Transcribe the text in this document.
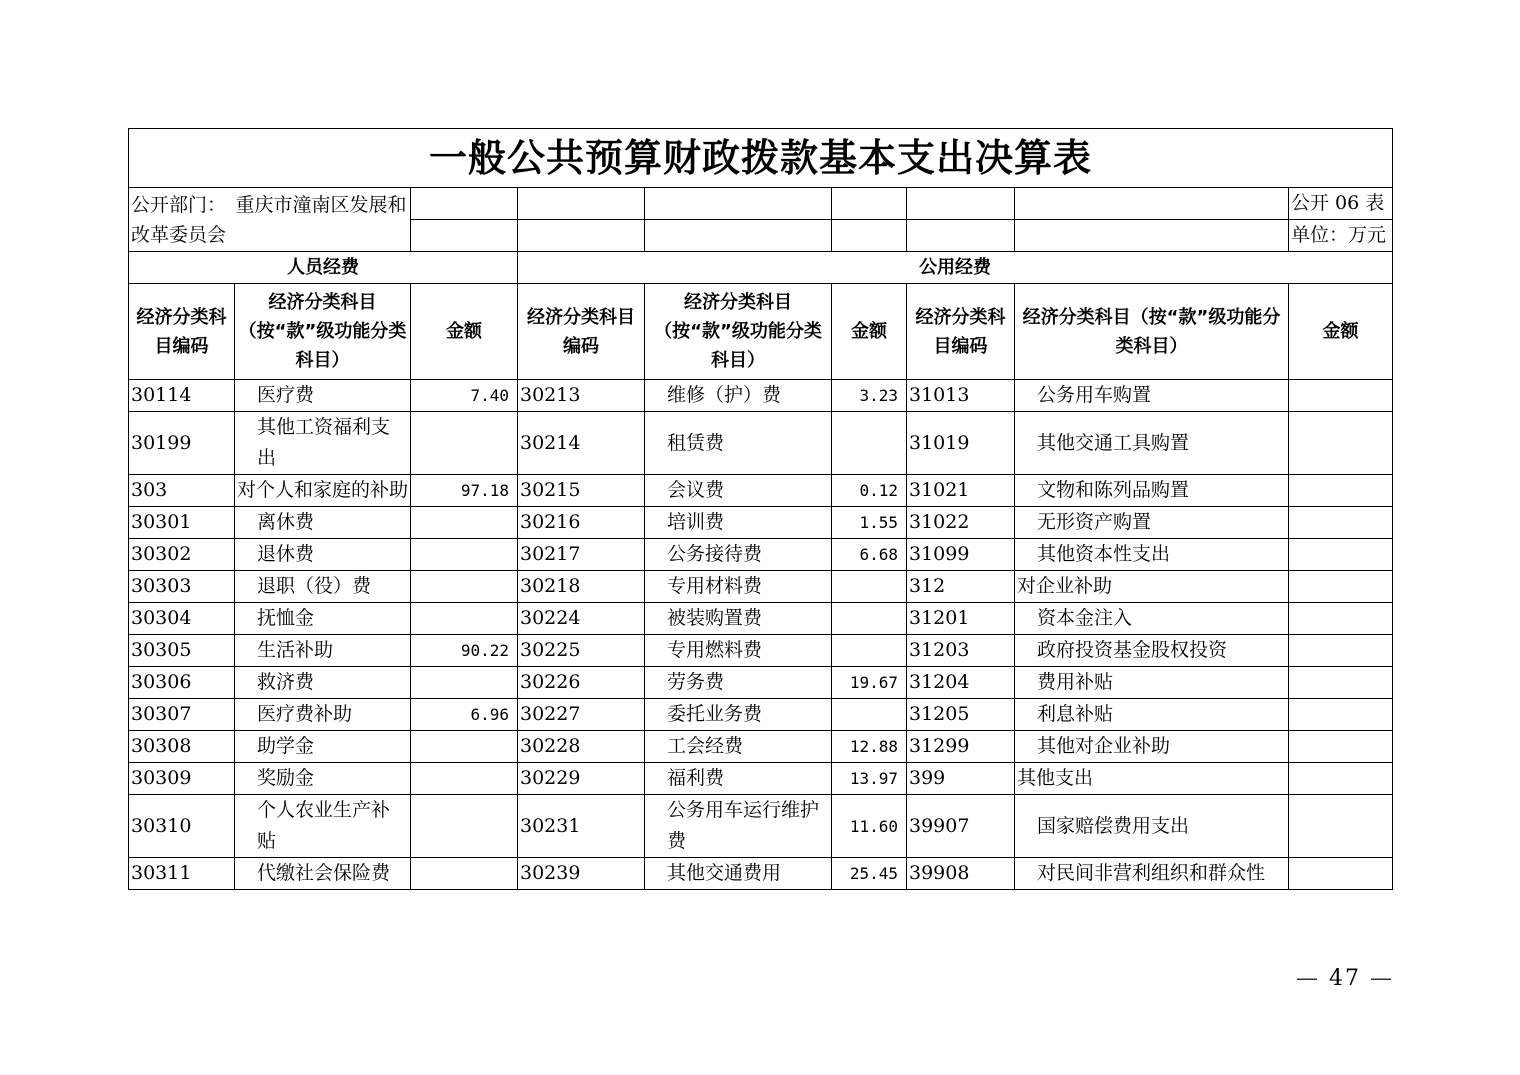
一般公共预算财政拨款基本支出决算表								
公开部门：　重庆市潼南区发展和改革委员会								公开 06 表
								单位：万元
人员经费			公用经费					
经济分类科目编码	经济分类科目（按“款”级功能分类科目）	金额	经济分类科目编码	经济分类科目（按“款”级功能分类科目）	金额	经济分类科目编码	经济分类科目（按“款”级功能分类科目）	金额
30114	医疗费	7.40	30213	维修（护）费	3.23	31013	公务用车购置	
30199	其他工资福利支出		30214	租赁费		31019	其他交通工具购置	
303	对个人和家庭的补助	97.18	30215	会议费	0.12	31021	文物和陈列品购置	
30301	离休费		30216	培训费	1.55	31022	无形资产购置	
30302	退休费		30217	公务接待费	6.68	31099	其他资本性支出	
30303	退职（役）费		30218	专用材料费		312	对企业补助	
30304	抚恤金		30224	被装购置费		31201	资本金注入	
30305	生活补助	90.22	30225	专用燃料费		31203	政府投资基金股权投资	
30306	救济费		30226	劳务费	19.67	31204	费用补贴	
30307	医疗费补助	6.96	30227	委托业务费		31205	利息补贴	
30308	助学金		30228	工会经费	12.88	31299	其他对企业补助	
30309	奖励金		30229	福利费	13.97	399	其他支出	
30310	个人农业生产补贴		30231	公务用车运行维护费	11.60	39907	国家赔偿费用支出	
30311	代缴社会保险费		30239	其他交通费用	25.45	39908	对民间非营利组织和群众性	
— 47 —
